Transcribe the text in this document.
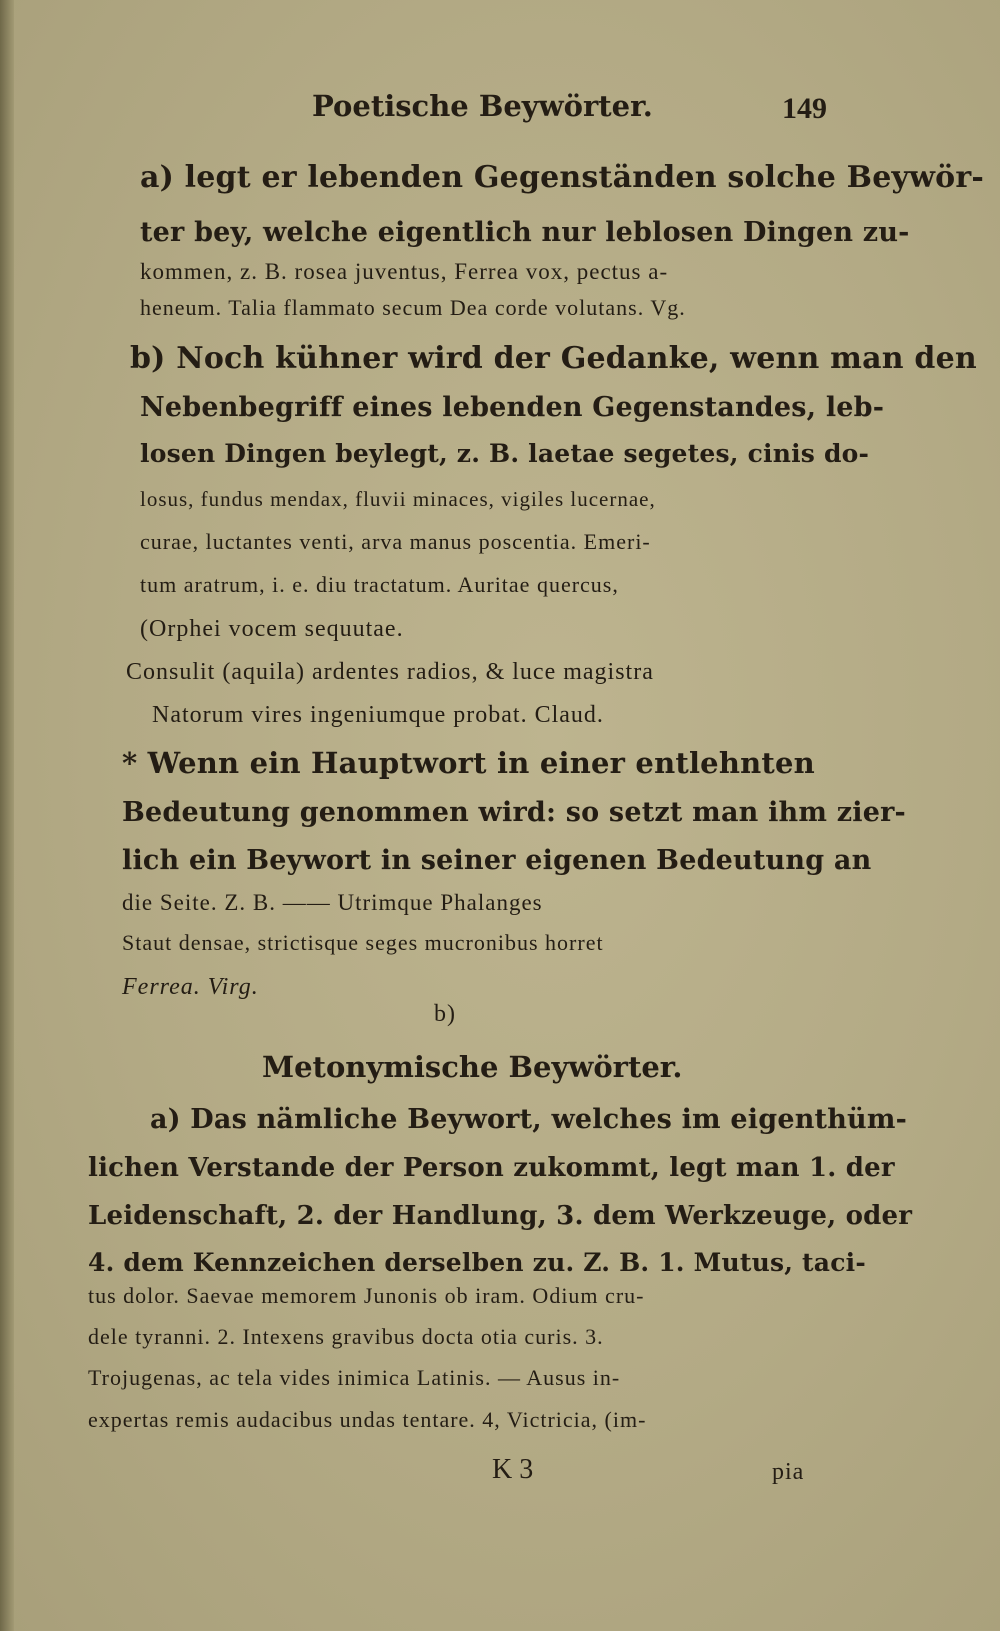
Poetische Beywörter.	149
a) legt er lebenden Gegenständen solche Beywör-
ter bey, welche eigentlich nur leblosen Dingen zu-
kommen, z. B. rosea juventus, Ferrea vox, pectus a-
heneum. Talia flammato secum Dea corde volutans. Vg.
b) Noch kühner wird der Gedanke, wenn man den
Nebenbegriff eines lebenden Gegenstandes, leb-
losen Dingen beylegt, z. B. laetae segetes, cinis do-
losus, fundus mendax, fluvii minaces, vigiles lucernae,
curae, luctantes venti, arva manus poscentia. Emeri-
tum aratrum, i. e. diu tractatum. Auritae quercus,
(Orphei vocem sequutae.
Consulit (aquila) ardentes radios, & luce magistra
Natorum vires ingeniumque probat. Claud.
* Wenn ein Hauptwort in einer entlehnten
Bedeutung genommen wird: so setzt man ihm zier-
lich ein Beywort in seiner eigenen Bedeutung an
die Seite. Z. B. —— Utrimque Phalanges
Staut densae, strictisque seges mucronibus horret
Ferrea. Virg.
b)
Metonymische Beywörter.
a) Das nämliche Beywort, welches im eigenthüm-
lichen Verstande der Person zukommt, legt man 1. der
Leidenschaft, 2. der Handlung, 3. dem Werkzeuge, oder
4. dem Kennzeichen derselben zu. Z. B. 1. Mutus, taci-
tus dolor. Saevae memorem Junonis ob iram. Odium cru-
dele tyranni. 2. Intexens gravibus docta otia curis. 3.
Trojugenas, ac tela vides inimica Latinis. — Ausus in-
expertas remis audacibus undas tentare. 4, Victricia, (im-
K 3	pia
